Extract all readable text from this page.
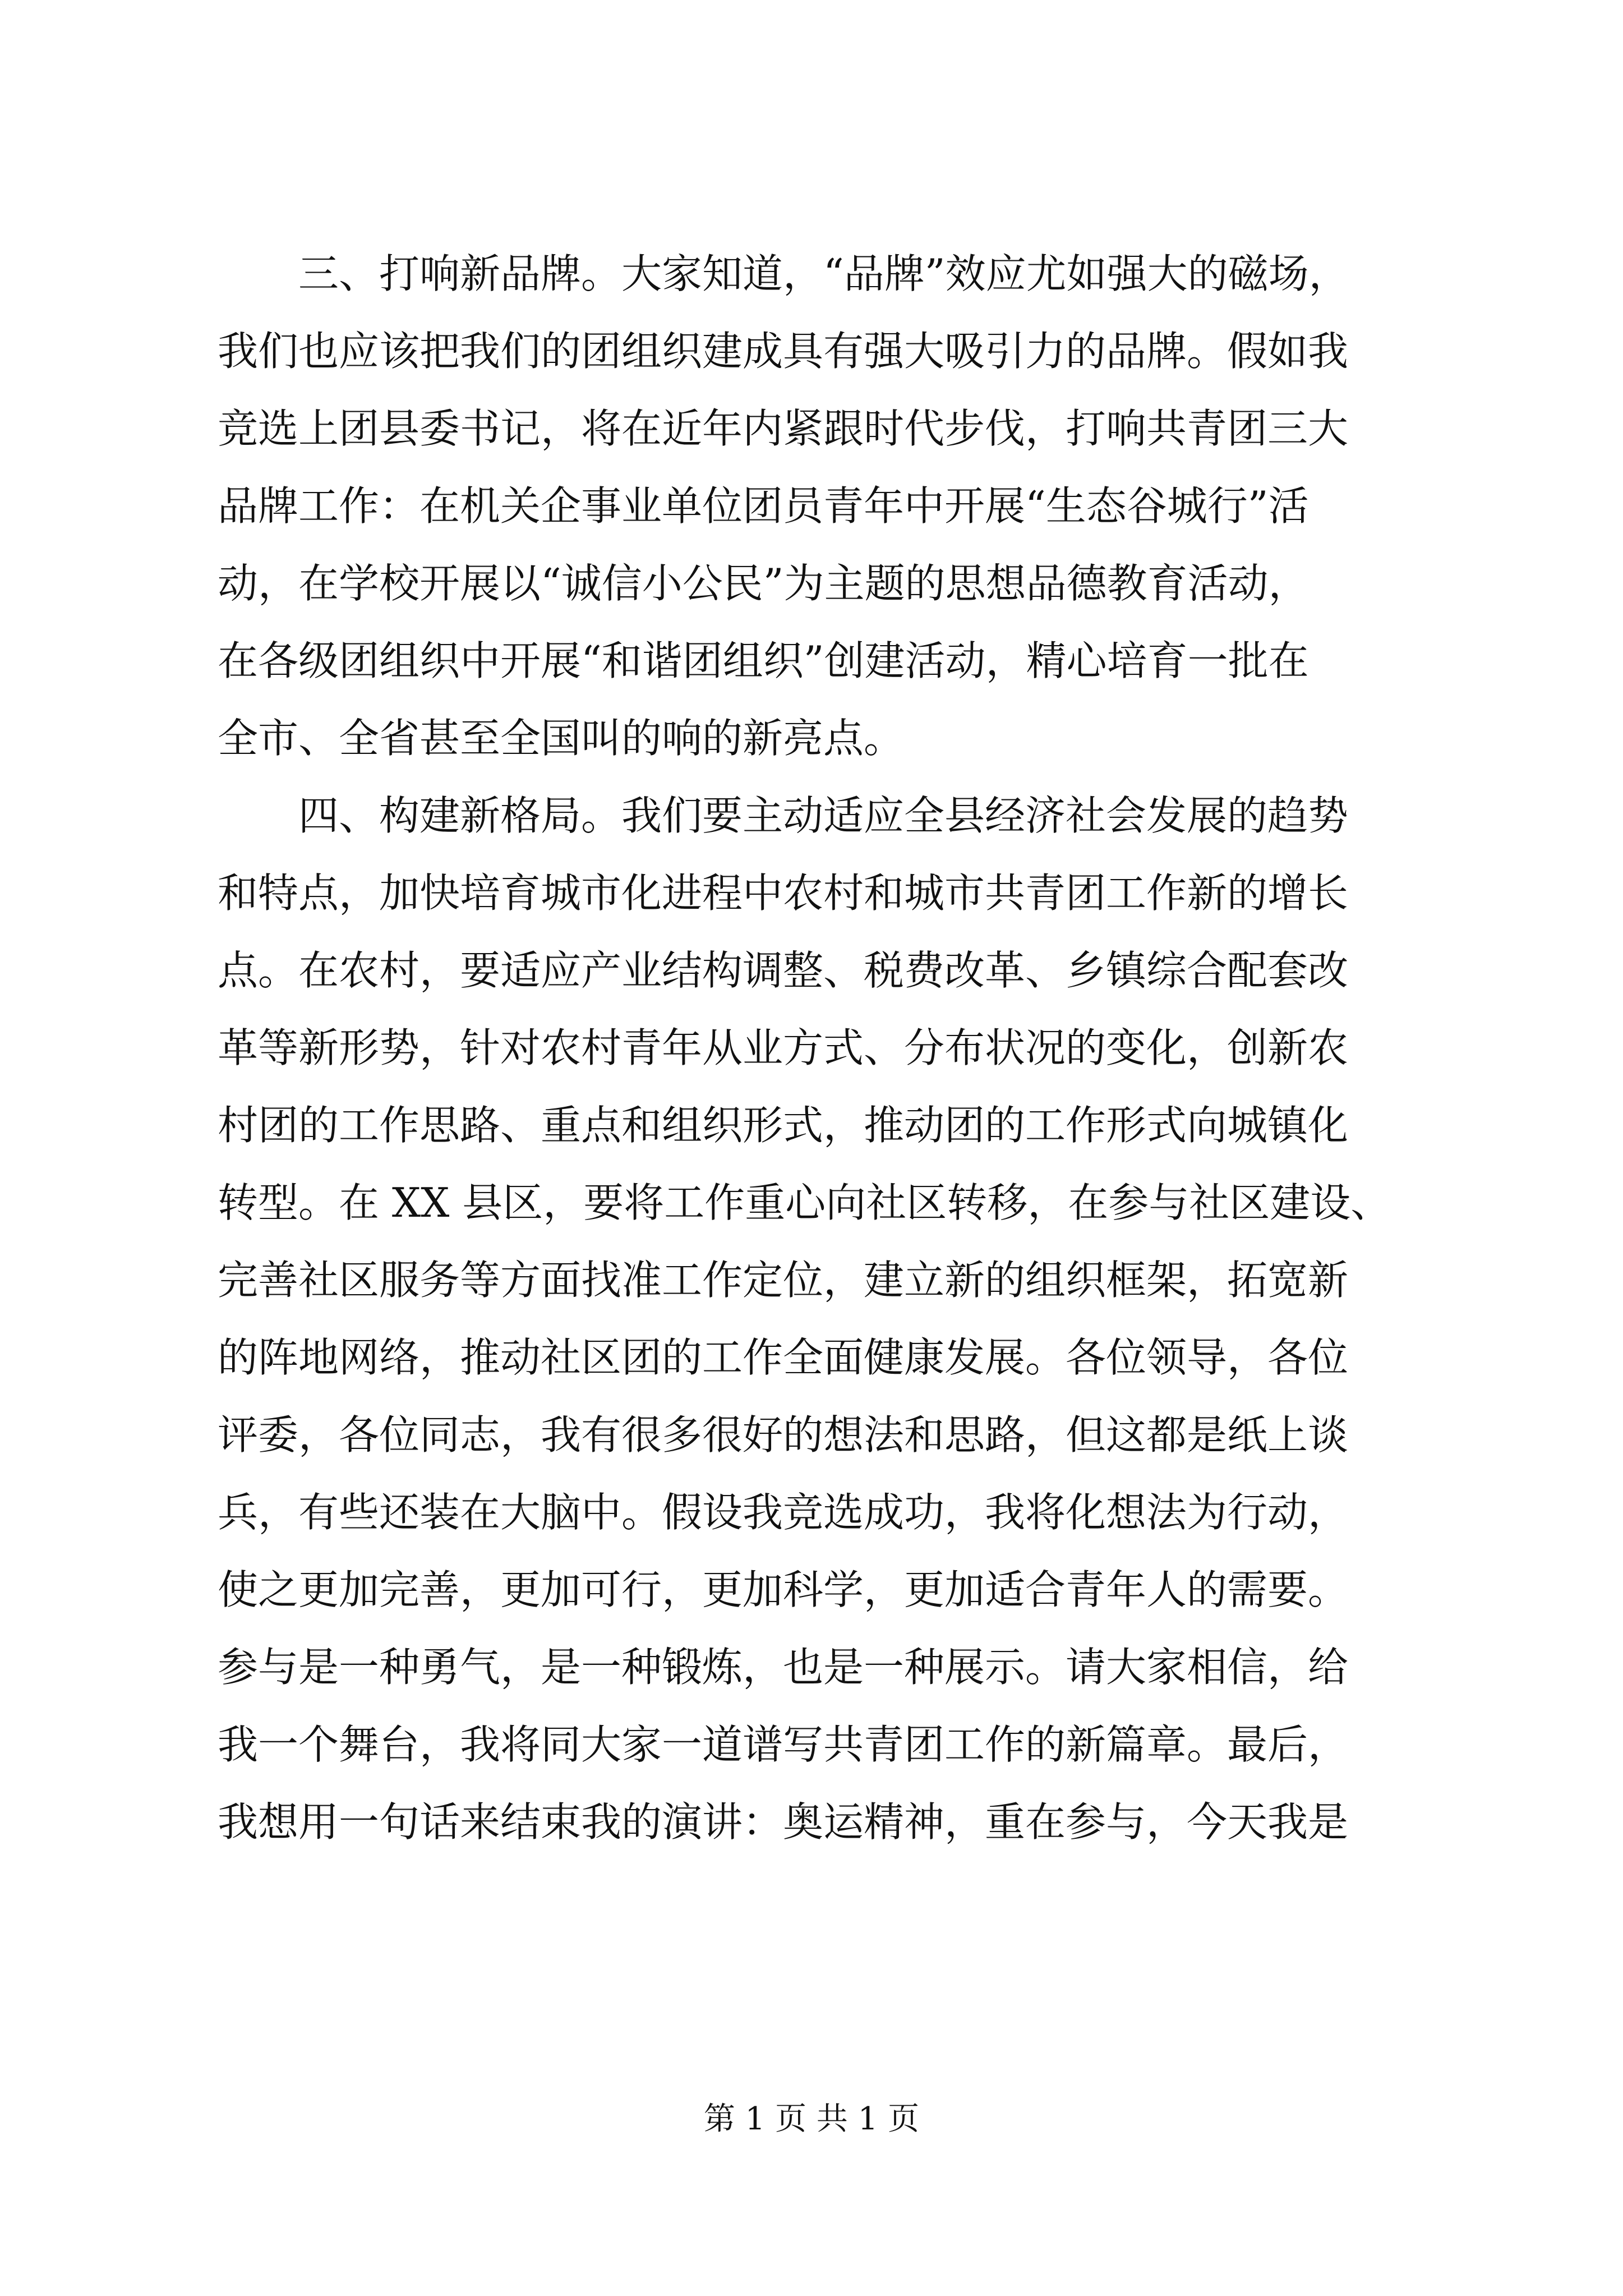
　　三、打响新品牌。大家知道，“品牌”效应尤如强大的磁场，
我们也应该把我们的团组织建成具有强大吸引力的品牌。假如我
竞选上团县委书记，将在近年内紧跟时代步伐，打响共青团三大
品牌工作：在机关企事业单位团员青年中开展“生态谷城行”活
动，在学校开展以“诚信小公民”为主题的思想品德教育活动，
在各级团组织中开展“和谐团组织”创建活动，精心培育一批在
全市、全省甚至全国叫的响的新亮点。
　　四、构建新格局。我们要主动适应全县经济社会发展的趋势
和特点，加快培育城市化进程中农村和城市共青团工作新的增长
点。在农村，要适应产业结构调整、税费改革、乡镇综合配套改
革等新形势，针对农村青年从业方式、分布状况的变化，创新农
村团的工作思路、重点和组织形式，推动团的工作形式向城镇化
转型。在 XX 县区，要将工作重心向社区转移，在参与社区建设、
完善社区服务等方面找准工作定位，建立新的组织框架，拓宽新
的阵地网络，推动社区团的工作全面健康发展。各位领导，各位
评委，各位同志，我有很多很好的想法和思路，但这都是纸上谈
兵，有些还装在大脑中。假设我竞选成功，我将化想法为行动，
使之更加完善，更加可行，更加科学，更加适合青年人的需要。
参与是一种勇气，是一种锻炼，也是一种展示。请大家相信，给
我一个舞台，我将同大家一道谱写共青团工作的新篇章。最后，
我想用一句话来结束我的演讲：奥运精神，重在参与，今天我是
第 1 页 共 1 页
